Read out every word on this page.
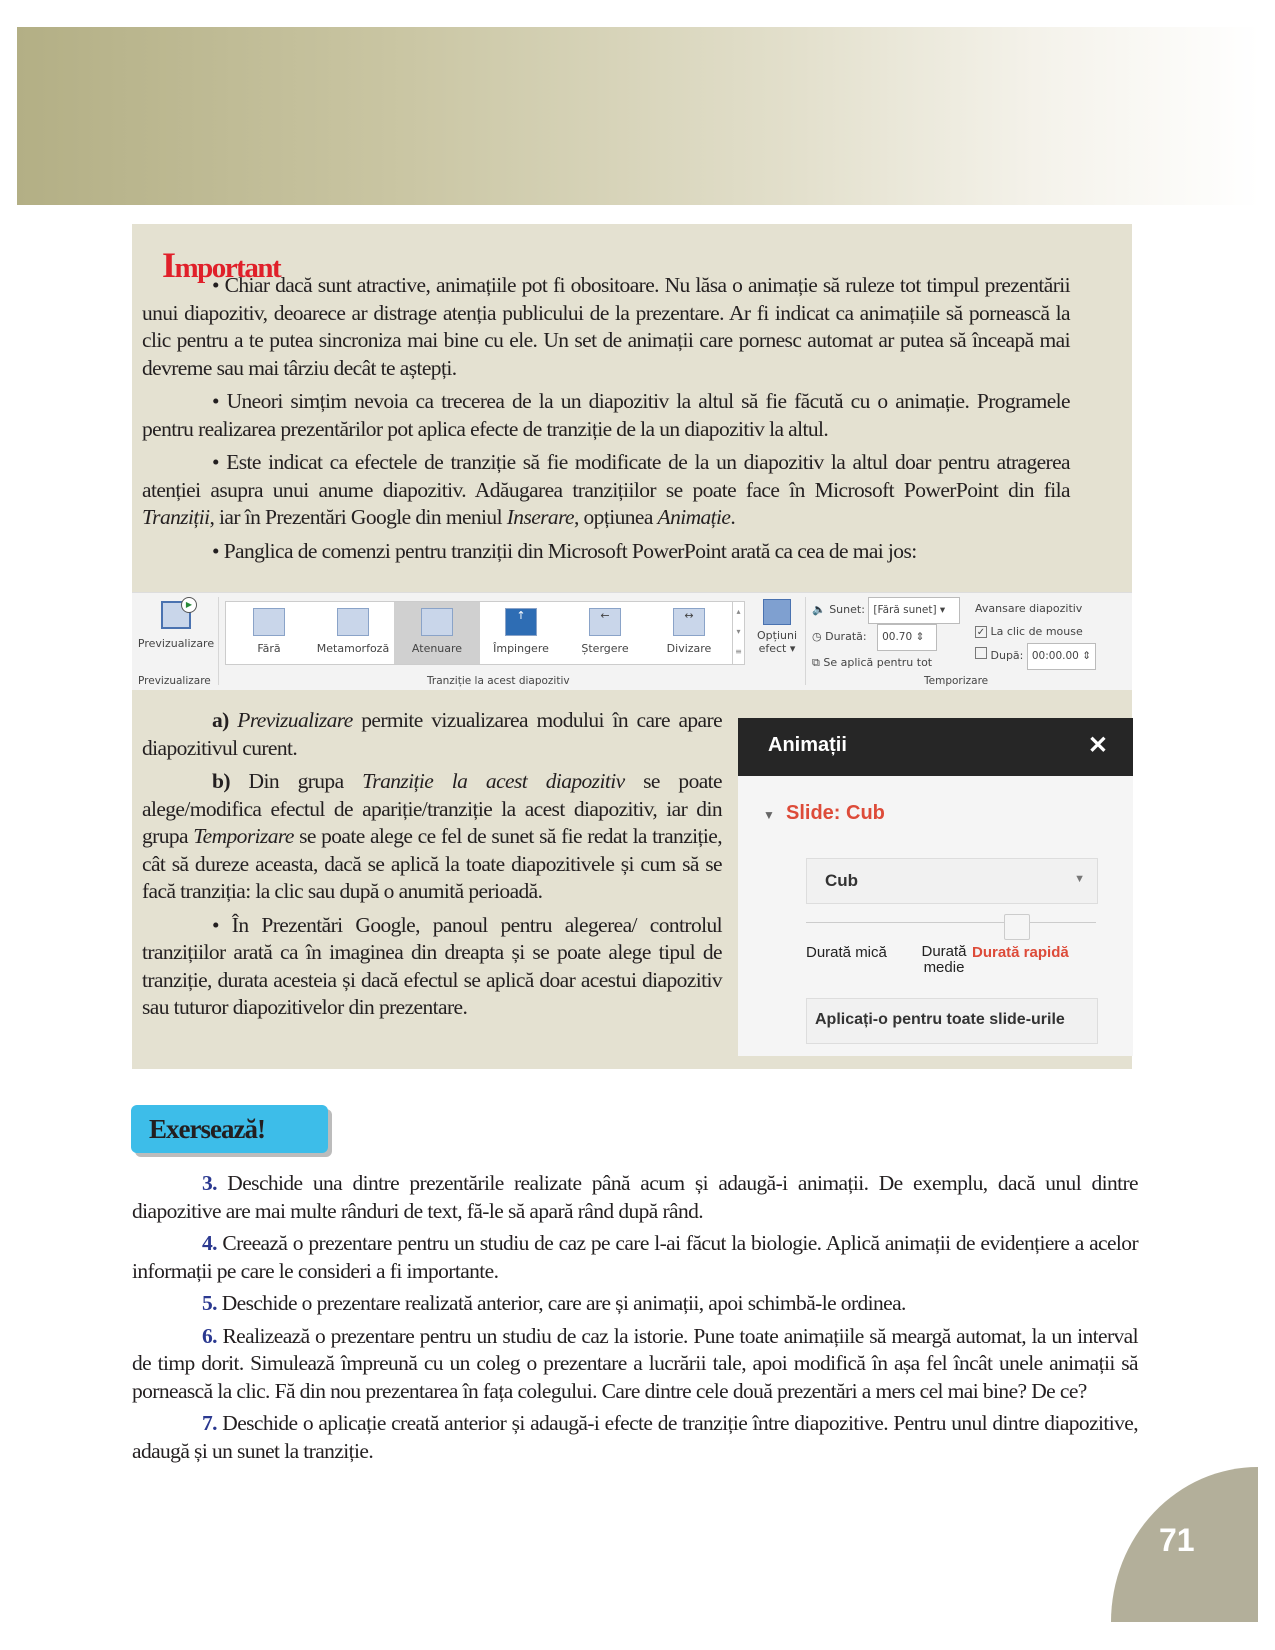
Important

• Chiar dacă sunt atractive, animațiile pot fi obositoare. Nu lăsa o animație să ruleze tot timpul prezentării unui diapozitiv, deoarece ar distrage atenția publicului de la prezentare. Ar fi indicat ca animațiile să pornească la clic pentru a te putea sincroniza mai bine cu ele. Un set de animații care pornesc automat ar putea să înceapă mai devreme sau mai târziu decât te aștepți.

• Uneori simțim nevoia ca trecerea de la un diapozitiv la altul să fie făcută cu o animație. Programele pentru realizarea prezentărilor pot aplica efecte de tranziție de la un diapozitiv la altul.

• Este indicat ca efectele de tranziție să fie modificate de la un diapozitiv la altul doar pentru atragerea atenției asupra unui anume diapozitiv. Adăugarea tranzițiilor se poate face în Microsoft PowerPoint din fila Tranziții, iar în Prezentări Google din meniul Inserare, opțiunea Animație.

• Panglica de comenzi pentru tranziții din Microsoft PowerPoint arată ca cea de mai jos:

▶
Previzualizare
Previzualizare
Fără	Metamorfoză	Atenuare
↑
Împingere
←
Ștergere
↔
Divizare
▴
▾
≡
Opțiuni
efect ▾
Tranziție la acest diapozitiv
🔈 Sunet: [Fără sunet] ▾
◷ Durată: 00.70 ⇕
⧉ Se aplică pentru tot
Avansare diapozitiv
✓ La clic de mouse
După: 00:00.00 ⇕
Temporizare

a) Previzualizare permite vizualizarea modului în care apare diapozitivul curent.

b) Din grupa Tranziție la acest diapozitiv se poate alege/modifica efectul de apariție/tranziție la acest diapozitiv, iar din grupa Temporizare se poate alege ce fel de sunet să fie redat la tranziție, cât să dureze aceasta, dacă se aplică la toate diapozitivele și cum să se facă tranziția: la clic sau după o anumită perioadă.

• În Prezentări Google, panoul pentru alegerea/ controlul tranzițiilor arată ca în imaginea din dreapta și se poate alege tipul de tranziție, durata acesteia și dacă efectul se aplică doar acestui diapozitiv sau tuturor diapozitivelor din prezentare.

Animații	✕
▼ Slide: Cub
Cub	▼
Durată mică	Durată medie
Durată rapidă
Aplicați-o pentru toate slide-urile
Exersează!

3. Deschide una dintre prezentările realizate până acum și adaugă-i animații. De exemplu, dacă unul dintre diapozitive are mai multe rânduri de text, fă-le să apară rând după rând.

4. Creează o prezentare pentru un studiu de caz pe care l-ai făcut la biologie. Aplică animații de evidențiere a acelor informații pe care le consideri a fi importante.

5. Deschide o prezentare realizată anterior, care are și animații, apoi schimbă-le ordinea.

6. Realizează o prezentare pentru un studiu de caz la istorie. Pune toate animațiile să meargă automat, la un interval de timp dorit. Simulează împreună cu un coleg o prezentare a lucrării tale, apoi modifică în așa fel încât unele animații să pornească la clic. Fă din nou prezentarea în fața colegului. Care dintre cele două prezentări a mers cel mai bine? De ce?

7. Deschide o aplicație creată anterior și adaugă-i efecte de tranziție între diapozitive. Pentru unul dintre diapozitive, adaugă și un sunet la tranziție.

71
